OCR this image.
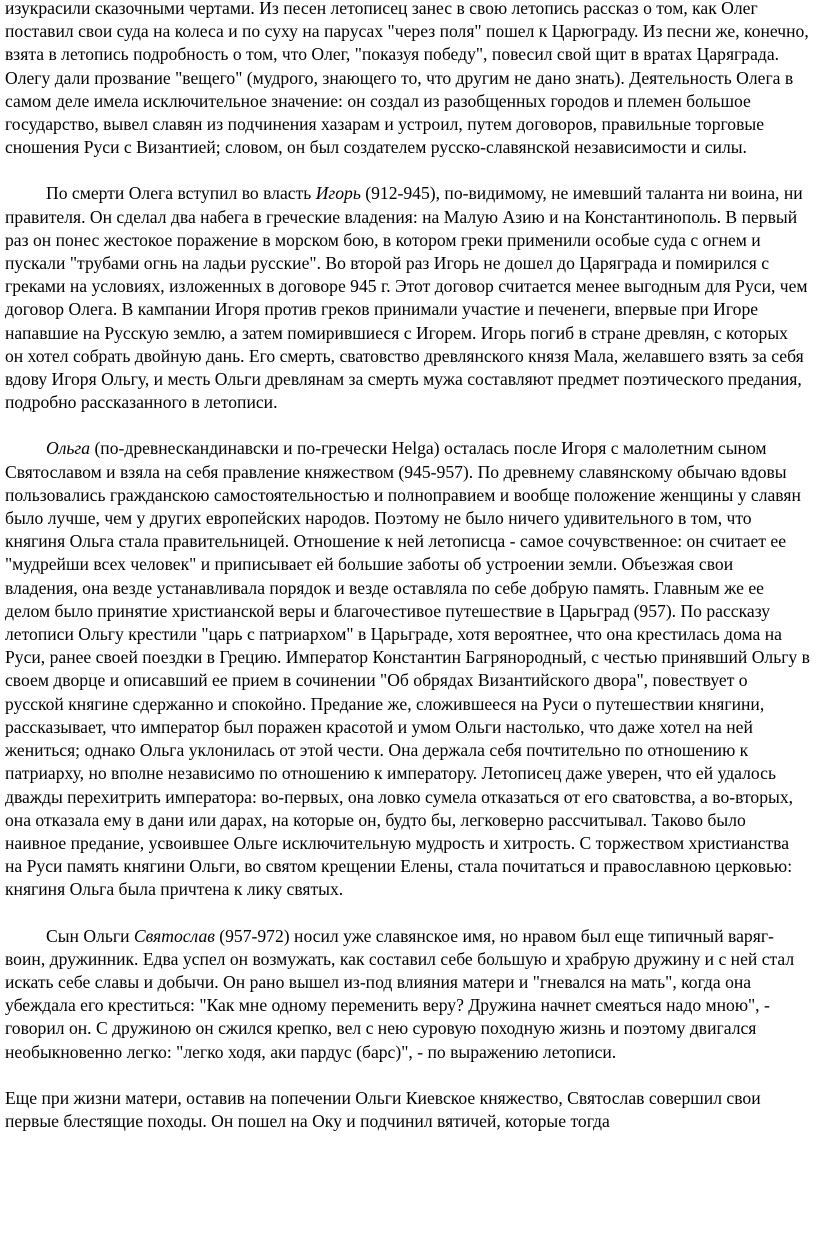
изукрасили сказочными чертами. Из песен летописец занес в свою летопись рассказ о том, как Олег поставил свои суда на колеса и по суху на парусах "через поля" пошел к Царюграду. Из песни же, конечно, взята в летопись подробность о том, что Олег, "показуя победу", повесил свой щит в вратах Царяграда. Олегу дали прозвание "вещего" (мудрого, знающего то, что другим не дано знать). Деятельность Олега в самом деле имела исключительное значение: он создал из разобщенных городов и племен большое государство, вывел славян из подчинения хазарам и устроил, путем договоров, правильные торговые сношения Руси с Византией; словом, он был создателем русско-славянской независимости и силы.

По смерти Олега вступил во власть Игорь (912-945), по-видимому, не имевший таланта ни воина, ни правителя. Он сделал два набега в греческие владения: на Малую Азию и на Константинополь. В первый раз он понес жестокое поражение в морском бою, в котором греки применили особые суда с огнем и пускали "трубами огнь на ладьи русские". Во второй раз Игорь не дошел до Царяграда и помирился с греками на условиях, изложенных в договоре 945 г. Этот договор считается менее выгодным для Руси, чем договор Олега. В кампании Игоря против греков принимали участие и печенеги, впервые при Игоре напавшие на Русскую землю, а затем помирившиеся с Игорем. Игорь погиб в стране древлян, с которых он хотел собрать двойную дань. Его смерть, сватовство древлянского князя Мала, желавшего взять за себя вдову Игоря Ольгу, и месть Ольги древлянам за смерть мужа составляют предмет поэтического предания, подробно рассказанного в летописи.

Ольга (по-древнескандинавски и по-гречески Helga) осталась после Игоря с малолетним сыном Святославом и взяла на себя правление княжеством (945-957). По древнему славянскому обычаю вдовы пользовались гражданскою самостоятельностью и полноправием и вообще положение женщины у славян было лучше, чем у других европейских народов. Поэтому не было ничего удивительного в том, что княгиня Ольга стала правительницей. Отношение к ней летописца - самое сочувственное: он считает ее "мудрейши всех человек" и приписывает ей большие заботы об устроении земли. Объезжая свои владения, она везде устанавливала порядок и везде оставляла по себе добрую память. Главным же ее делом было принятие христианской веры и благочестивое путешествие в Царьград (957). По рассказу летописи Ольгу крестили "царь с патриархом" в Царьграде, хотя вероятнее, что она крестилась дома на Руси, ранее своей поездки в Грецию. Император Константин Багрянородный, с честью принявший Ольгу в своем дворце и описавший ее прием в сочинении "Об обрядах Византийского двора", повествует о русской княгине сдержанно и спокойно. Предание же, сложившееся на Руси о путешествии княгини, рассказывает, что император был поражен красотой и умом Ольги настолько, что даже хотел на ней жениться; однако Ольга уклонилась от этой чести. Она держала себя почтительно по отношению к патриарху, но вполне независимо по отношению к императору. Летописец даже уверен, что ей удалось дважды перехитрить императора: во-первых, она ловко сумела отказаться от его сватовства, а во-вторых, она отказала ему в дани или дарах, на которые он, будто бы, легковерно рассчитывал. Таково было наивное предание, усвоившее Ольге исключительную мудрость и хитрость. С торжеством христианства на Руси память княгини Ольги, во святом крещении Елены, стала почитаться и православною церковью: княгиня Ольга была причтена к лику святых.

Сын Ольги Святослав (957-972) носил уже славянское имя, но нравом был еще типичный варяг-воин, дружинник. Едва успел он возмужать, как составил себе большую и храбрую дружину и с ней стал искать себе славы и добычи. Он рано вышел из-под влияния матери и "гневался на мать", когда она убеждала его креститься: "Как мне одному переменить веру? Дружина начнет смеяться надо мною", - говорил он. С дружиною он сжился крепко, вел с нею суровую походную жизнь и поэтому двигался необыкновенно легко: "легко ходя, аки пардус (барс)", - по выражению летописи.

Еще при жизни матери, оставив на попечении Ольги Киевское княжество, Святослав совершил свои первые блестящие походы. Он пошел на Оку и подчинил вятичей, которые тогда
